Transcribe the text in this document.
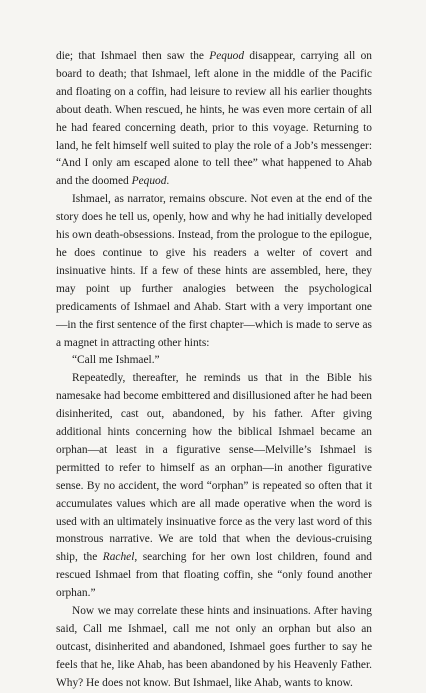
die; that Ishmael then saw the Pequod disappear, carrying all on board to death; that Ishmael, left alone in the middle of the Pacific and floating on a coffin, had leisure to review all his earlier thoughts about death. When rescued, he hints, he was even more certain of all he had feared concerning death, prior to this voyage. Returning to land, he felt himself well suited to play the role of a Job’s messenger: “And I only am escaped alone to tell thee” what happened to Ahab and the doomed Pequod.

Ishmael, as narrator, remains obscure. Not even at the end of the story does he tell us, openly, how and why he had initially developed his own death-obsessions. Instead, from the prologue to the epilogue, he does continue to give his readers a welter of covert and insinuative hints. If a few of these hints are assembled, here, they may point up further analogies between the psychological predicaments of Ishmael and Ahab. Start with a very important one—in the first sentence of the first chapter—which is made to serve as a magnet in attracting other hints:

“Call me Ishmael.”

Repeatedly, thereafter, he reminds us that in the Bible his namesake had become embittered and disillusioned after he had been disinherited, cast out, abandoned, by his father. After giving additional hints concerning how the biblical Ishmael became an orphan—at least in a figurative sense—Melville’s Ishmael is permitted to refer to himself as an orphan—in another figurative sense. By no accident, the word “orphan” is repeated so often that it accumulates values which are all made operative when the word is used with an ultimately insinuative force as the very last word of this monstrous narrative. We are told that when the devious-cruising ship, the Rachel, searching for her own lost children, found and rescued Ishmael from that floating coffin, she “only found another orphan.”

Now we may correlate these hints and insinuations. After having said, Call me Ishmael, call me not only an orphan but also an outcast, disinherited and abandoned, Ishmael goes further to say he feels that he, like Ahab, has been abandoned by his Heavenly Father. Why? He does not know. But Ishmael, like Ahab, wants to know.
